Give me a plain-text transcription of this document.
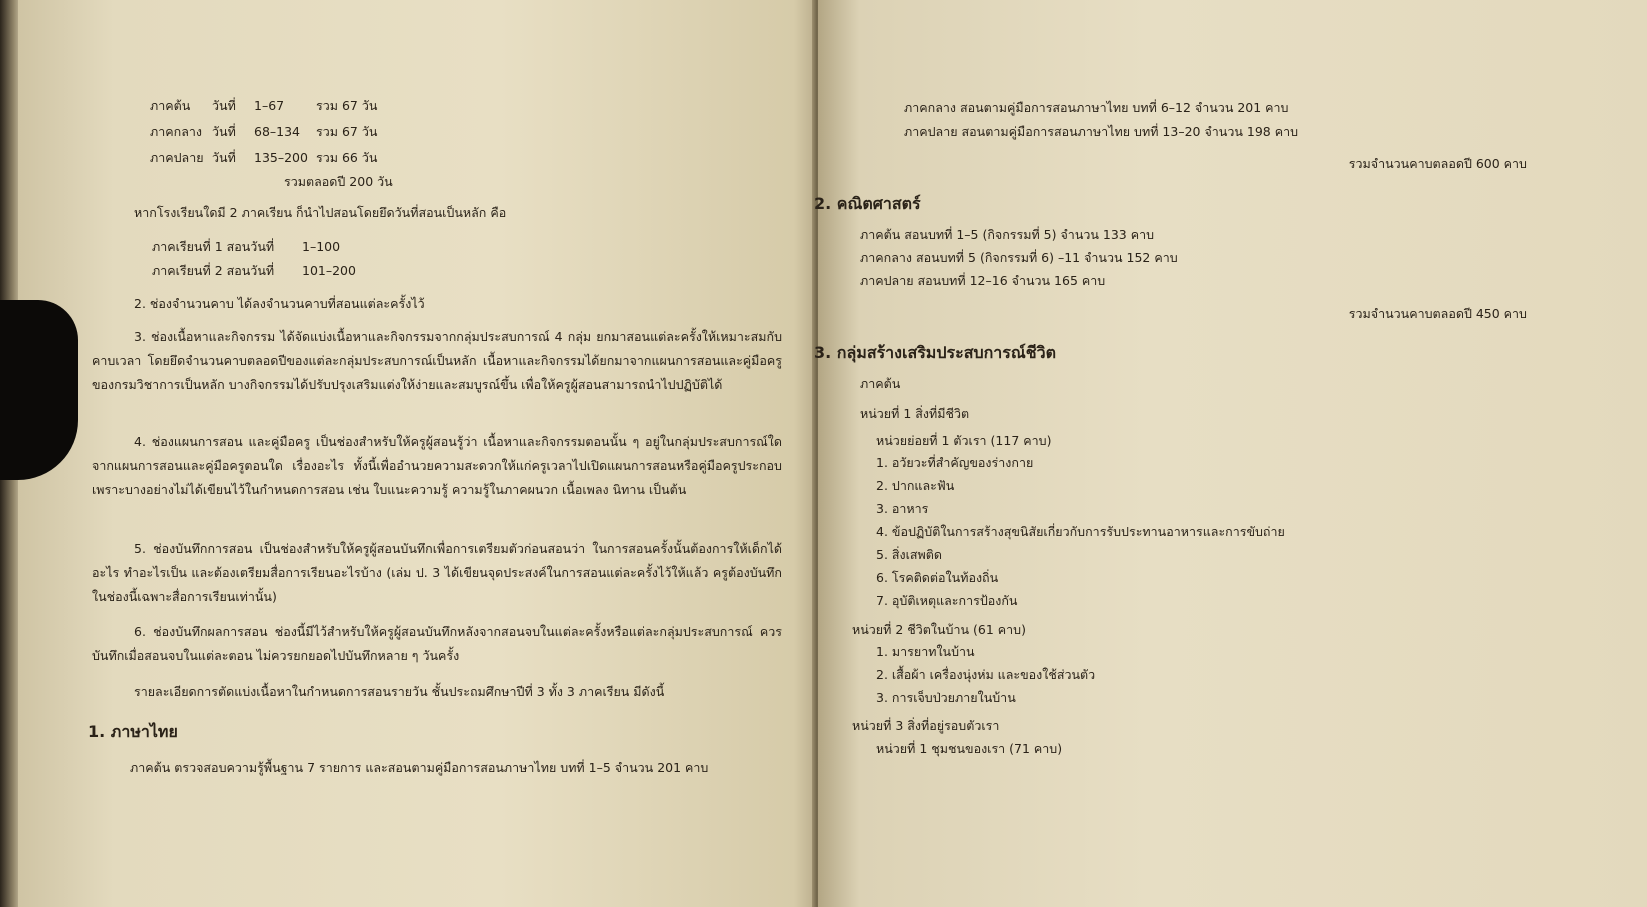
ภาคต้น วันที่ 1–67	รวม 67 วัน
ภาคกลาง วันที่ 68–134 รวม 67 วัน
ภาคปลาย วันที่ 135–200 รวม 66 วัน
รวมตลอดปี 200 วัน
หากโรงเรียนใดมี 2 ภาคเรียน ก็นำไปสอนโดยยึดวันที่สอนเป็นหลัก คือ
ภาคเรียนที่ 1 สอนวันที่ 1–100
ภาคเรียนที่ 2 สอนวันที่ 101–200
2. ช่องจำนวนคาบ ได้ลงจำนวนคาบที่สอนแต่ละครั้งไว้
3. ช่องเนื้อหาและกิจกรรม ได้จัดแบ่งเนื้อหาและกิจกรรมจากกลุ่มประสบการณ์ 4 กลุ่ม ยกมาสอนแต่ละครั้งให้เหมาะสมกับคาบเวลา โดยยึดจำนวนคาบตลอดปีของแต่ละกลุ่มประสบการณ์เป็นหลัก เนื้อหาและกิจกรรมได้ยกมาจากแผนการสอนและคู่มือครูของกรมวิชาการเป็นหลัก บางกิจกรรมได้ปรับปรุงเสริมแต่งให้ง่ายและสมบูรณ์ขึ้น เพื่อให้ครูผู้สอนสามารถนำไปปฏิบัติได้
4. ช่องแผนการสอน และคู่มือครู เป็นช่องสำหรับให้ครูผู้สอนรู้ว่า เนื้อหาและกิจกรรมตอนนั้น ๆ อยู่ในกลุ่มประสบการณ์ใด จากแผนการสอนและคู่มือครูตอนใด เรื่องอะไร ทั้งนี้เพื่ออำนวยความสะดวกให้แก่ครูเวลาไปเปิดแผนการสอนหรือคู่มือครูประกอบ เพราะบางอย่างไม่ได้เขียนไว้ในกำหนดการสอน เช่น ใบแนะความรู้ ความรู้ในภาคผนวก เนื้อเพลง นิทาน เป็นต้น
5. ช่องบันทึกการสอน เป็นช่องสำหรับให้ครูผู้สอนบันทึกเพื่อการเตรียมตัวก่อนสอนว่า ในการสอนครั้งนั้นต้องการให้เด็กได้อะไร ทำอะไรเป็น และต้องเตรียมสื่อการเรียนอะไรบ้าง (เล่ม ป. 3 ได้เขียนจุดประสงค์ในการสอนแต่ละครั้งไว้ให้แล้ว ครูต้องบันทึกในช่องนี้เฉพาะสื่อการเรียนเท่านั้น)
6. ช่องบันทึกผลการสอน ช่องนี้มีไว้สำหรับให้ครูผู้สอนบันทึกหลังจากสอนจบในแต่ละครั้งหรือแต่ละกลุ่มประสบการณ์ ควรบันทึกเมื่อสอนจบในแต่ละตอน ไม่ควรยกยอดไปบันทึกหลาย ๆ วันครั้ง
รายละเอียดการตัดแบ่งเนื้อหาในกำหนดการสอนรายวัน ชั้นประถมศึกษาปีที่ 3 ทั้ง 3 ภาคเรียน มีดังนี้
1. ภาษาไทย
ภาคต้น ตรวจสอบความรู้พื้นฐาน 7 รายการ และสอนตามคู่มือการสอนภาษาไทย บทที่ 1–5 จำนวน 201 คาบ
ภาคกลาง สอนตามคู่มือการสอนภาษาไทย บทที่ 6–12 จำนวน 201 คาบ
ภาคปลาย สอนตามคู่มือการสอนภาษาไทย บทที่ 13–20 จำนวน 198 คาบ
รวมจำนวนคาบตลอดปี 600 คาบ
2. คณิตศาสตร์
ภาคต้น สอนบทที่ 1–5 (กิจกรรมที่ 5) จำนวน 133 คาบ
ภาคกลาง สอนบทที่ 5 (กิจกรรมที่ 6) –11 จำนวน 152 คาบ
ภาคปลาย สอนบทที่ 12–16 จำนวน 165 คาบ
รวมจำนวนคาบตลอดปี 450 คาบ
3. กลุ่มสร้างเสริมประสบการณ์ชีวิต
ภาคต้น
หน่วยที่ 1 สิ่งที่มีชีวิต
หน่วยย่อยที่ 1 ตัวเรา (117 คาบ)
1. อวัยวะที่สำคัญของร่างกาย
2. ปากและฟัน
3. อาหาร
4. ข้อปฏิบัติในการสร้างสุขนิสัยเกี่ยวกับการรับประทานอาหารและการขับถ่าย
5. สิ่งเสพติด
6. โรคติดต่อในท้องถิ่น
7. อุบัติเหตุและการป้องกัน
หน่วยที่ 2 ชีวิตในบ้าน (61 คาบ)
1. มารยาทในบ้าน
2. เสื้อผ้า เครื่องนุ่งห่ม และของใช้ส่วนตัว
3. การเจ็บป่วยภายในบ้าน
หน่วยที่ 3 สิ่งที่อยู่รอบตัวเรา
หน่วยที่ 1 ชุมชนของเรา (71 คาบ)
